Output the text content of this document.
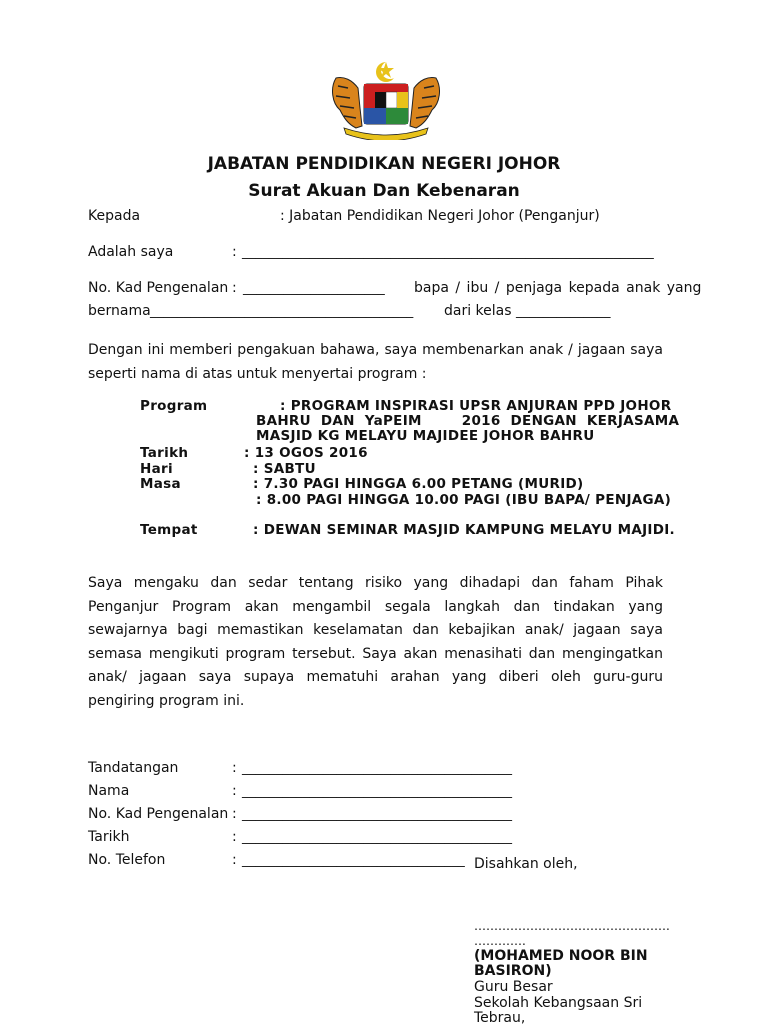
JABATAN PENDIDIKAN NEGERI JOHOR
Surat Akuan Dan Kebenaran
Kepada	: Jabatan Pendidikan Negeri Johor (Penganjur)
Adalah saya	: _____________________________________________________________
No. Kad Pengenalan : _____________________ bapa / ibu / penjaga kepada anak yang
bernama _______________________________________ dari kelas ______________
Dengan ini memberi pengakuan bahawa, saya membenarkan anak / jagaan saya seperti nama di atas untuk menyertai program :
Program	: PROGRAM INSPIRASI UPSR ANJURAN PPD JOHOR
BAHRU  DAN  YaPEIM        2016  DENGAN  KERJASAMA
MASJID KG MELAYU MAJIDEE JOHOR BAHRU
Tarikh	: 13 OGOS 2016
Hari	: SABTU
Masa	: 7.30 PAGI HINGGA 6.00 PETANG (MURID)
: 8.00 PAGI HINGGA 10.00 PAGI (IBU BAPA/ PENJAGA)
Tempat	: DEWAN SEMINAR MASJID KAMPUNG MELAYU MAJIDI.
Saya mengaku dan sedar tentang risiko yang dihadapi dan faham Pihak Penganjur Program akan mengambil segala langkah dan tindakan yang sewajarnya bagi memastikan keselamatan dan kebajikan anak/ jagaan saya semasa mengikuti program tersebut. Saya akan menasihati dan mengingatkan anak/ jagaan saya supaya mematuhi arahan yang diberi oleh guru-guru pengiring program ini.
Tandatangan	: ________________________________________
Nama	: ________________________________________
No. Kad Pengenalan : ________________________________________
Tarikh	: ________________________________________
No. Telefon	: _________________________________ Disahkan oleh,
………………………………………….
………….
(MOHAMED NOOR BIN
BASIRON)
Guru Besar
Sekolah Kebangsaan Sri
Tebrau,
